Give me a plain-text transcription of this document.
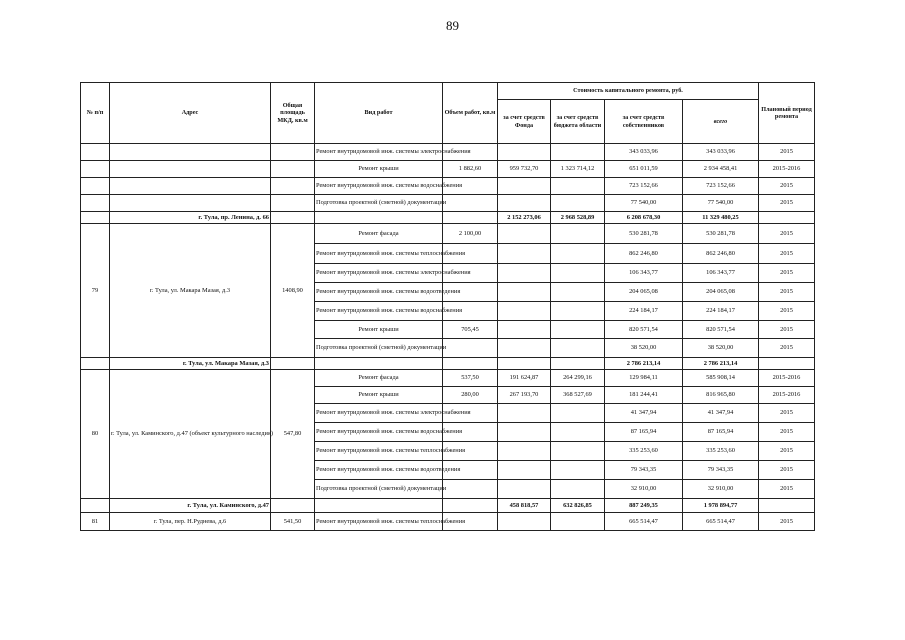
89
№ п/п	Адрес	Общая площадь МКД, кв.м	Вид работ	Объем работ, кв.м	Стоимость капитального ремонта, руб.				Плановый период ремонта
					за счет средств Фонда	за счет средств бюджета области	за счет средств собственников	всего	
			Ремонт внутридомовой инж. системы электроснабжения				343 033,96	343 033,96	2015
			Ремонт крыши	1 882,60	959 732,70	1 323 714,12	651 011,59	2 934 458,41	2015-2016
			Ремонт внутридомовой инж. системы водоснабжения				723 152,66	723 152,66	2015
			Подготовка проектной (сметной) документации				77 540,00	77 540,00	2015
	г. Тула, пр. Ленина, д. 66				2 152 273,06	2 968 528,89	6 208 678,30	11 329 480,25	
79	г. Тула, ул. Макара Мазая, д.3	1408,90	Ремонт фасада	2 100,00			530 281,78	530 281,78	2015
			Ремонт внутридомовой инж. системы теплоснабжения				862 246,80	862 246,80	2015
			Ремонт внутридомовой инж. системы электроснабжения				106 343,77	106 343,77	2015
			Ремонт внутридомовой инж. системы водоотведения				204 065,08	204 065,08	2015
			Ремонт внутридомовой инж. системы водоснабжения				224 184,17	224 184,17	2015
			Ремонт крыши	705,45			820 571,54	820 571,54	2015
			Подготовка проектной (сметной) документации				38 520,00	38 520,00	2015
	г. Тула, ул. Макара Мазая, д.3						2 786 213,14	2 786 213,14	
80	г. Тула, ул. Каминского, д.47 (объект культурного наследия)	547,80	Ремонт фасада	537,50	191 624,87	264 299,16	129 984,11	585 908,14	2015-2016
			Ремонт крыши	280,00	267 193,70	368 527,69	181 244,41	816 965,80	2015-2016
			Ремонт внутридомовой инж. системы электроснабжения				41 347,94	41 347,94	2015
			Ремонт внутридомовой инж. системы водоснабжения				87 165,94	87 165,94	2015
			Ремонт внутридомовой инж. системы теплоснабжения				335 253,60	335 253,60	2015
			Ремонт внутридомовой инж. системы водоотведения				79 343,35	79 343,35	2015
			Подготовка проектной (сметной) документации				32 910,00	32 910,00	2015
	г. Тула, ул. Каминского, д.47				458 818,57	632 826,85	887 249,35	1 978 894,77	
81	г. Тула, пер. Н.Руднева, д.6	541,50	Ремонт внутридомовой инж. системы теплоснабжения				665 514,47	665 514,47	2015
